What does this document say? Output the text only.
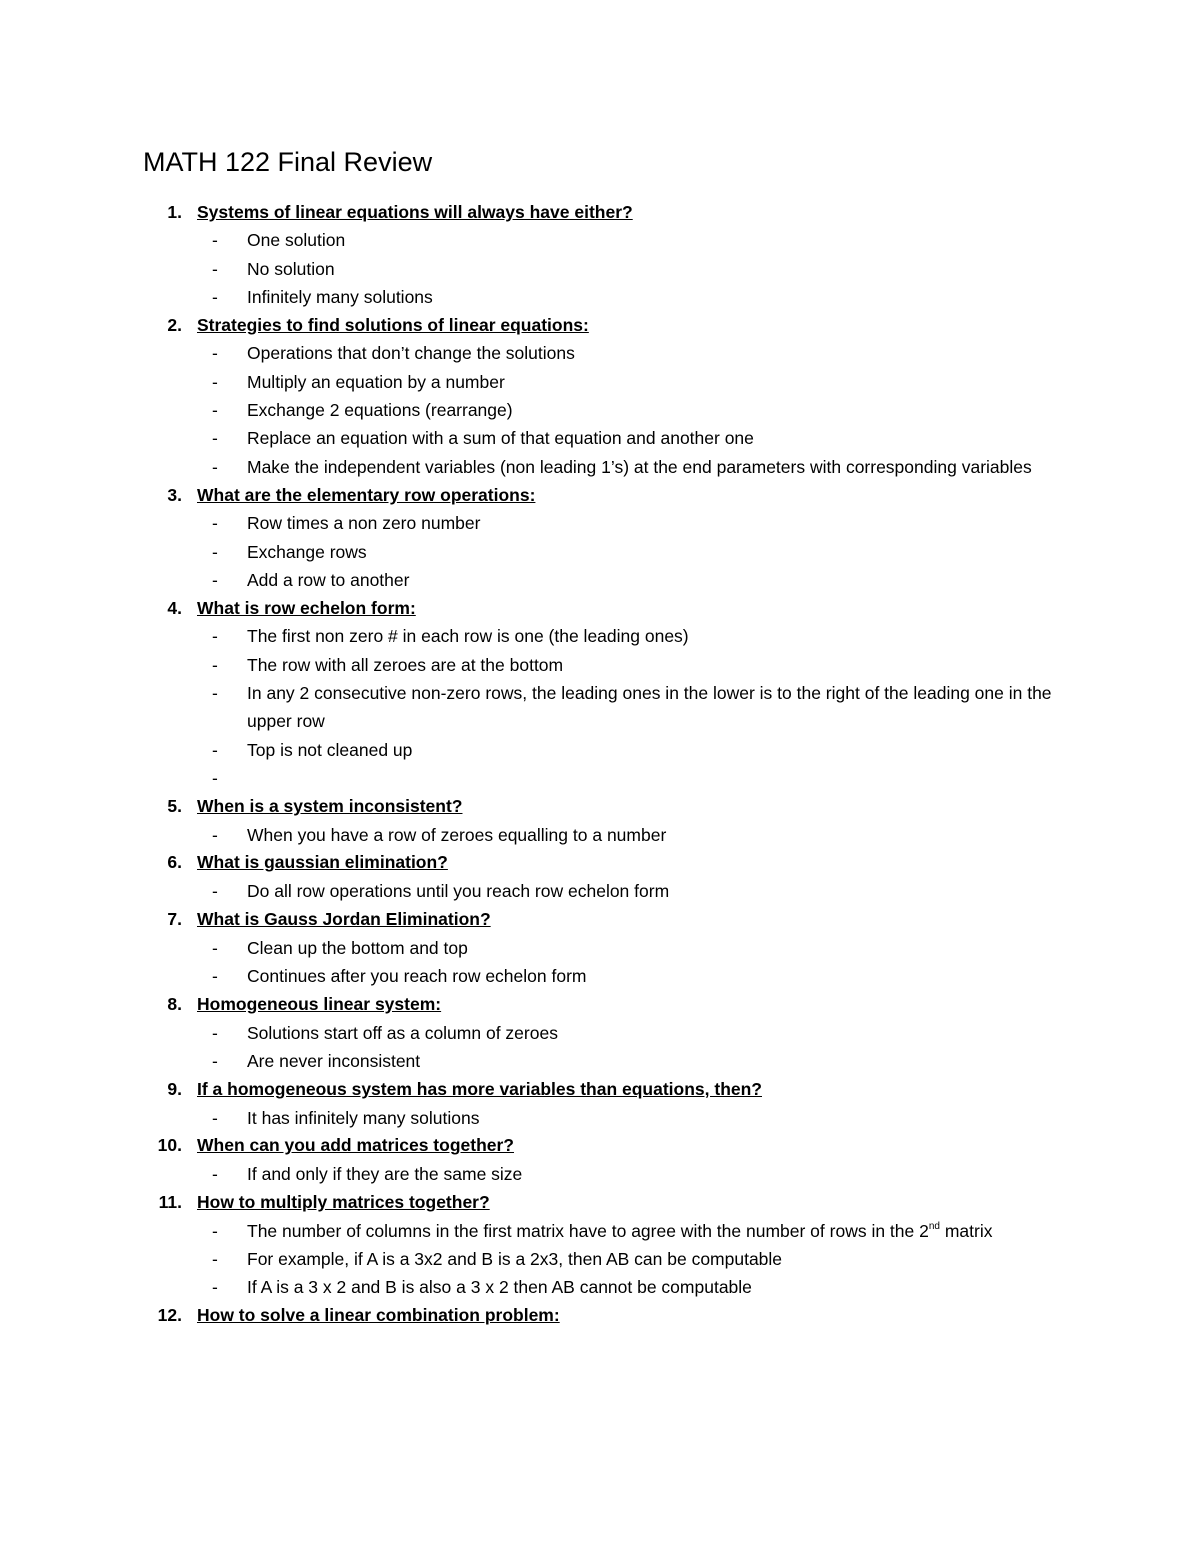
MATH 122 Final Review
1. Systems of linear equations will always have either?
-	One solution
-	No solution
-	Infinitely many solutions
2. Strategies to find solutions of linear equations:
-	Operations that don’t change the solutions
-	Multiply an equation by a number
-	Exchange 2 equations (rearrange)
-	Replace an equation with a sum of that equation and another one
-	Make the independent variables (non leading 1’s) at the end parameters with corresponding variables
3. What are the elementary row operations:
-	Row times a non zero number
-	Exchange rows
-	Add a row to another
4. What is row echelon form:
-	The first non zero # in each row is one (the leading ones)
-	The row with all zeroes are at the bottom
-	In any 2 consecutive non-zero rows, the leading ones in the lower is to the right of the leading one in the upper row
-	Top is not cleaned up
-
5. When is a system inconsistent?
-	When you have a row of zeroes equalling to a number
6. What is gaussian elimination?
-	Do all row operations until you reach row echelon form
7. What is Gauss Jordan Elimination?
-	Clean up the bottom and top
-	Continues after you reach row echelon form
8. Homogeneous linear system:
-	Solutions start off as a column of zeroes
-	Are never inconsistent
9. If a homogeneous system has more variables than equations, then?
-	It has infinitely many solutions
10. When can you add matrices together?
-	If and only if they are the same size
11. How to multiply matrices together?
-	The number of columns in the first matrix have to agree with the number of rows in the 2nd matrix
-	For example, if A is a 3x2 and B is a 2x3, then AB can be computable
-	If A is a 3 x 2 and B is also a 3 x 2 then AB cannot be computable
12. How to solve a linear combination problem:
